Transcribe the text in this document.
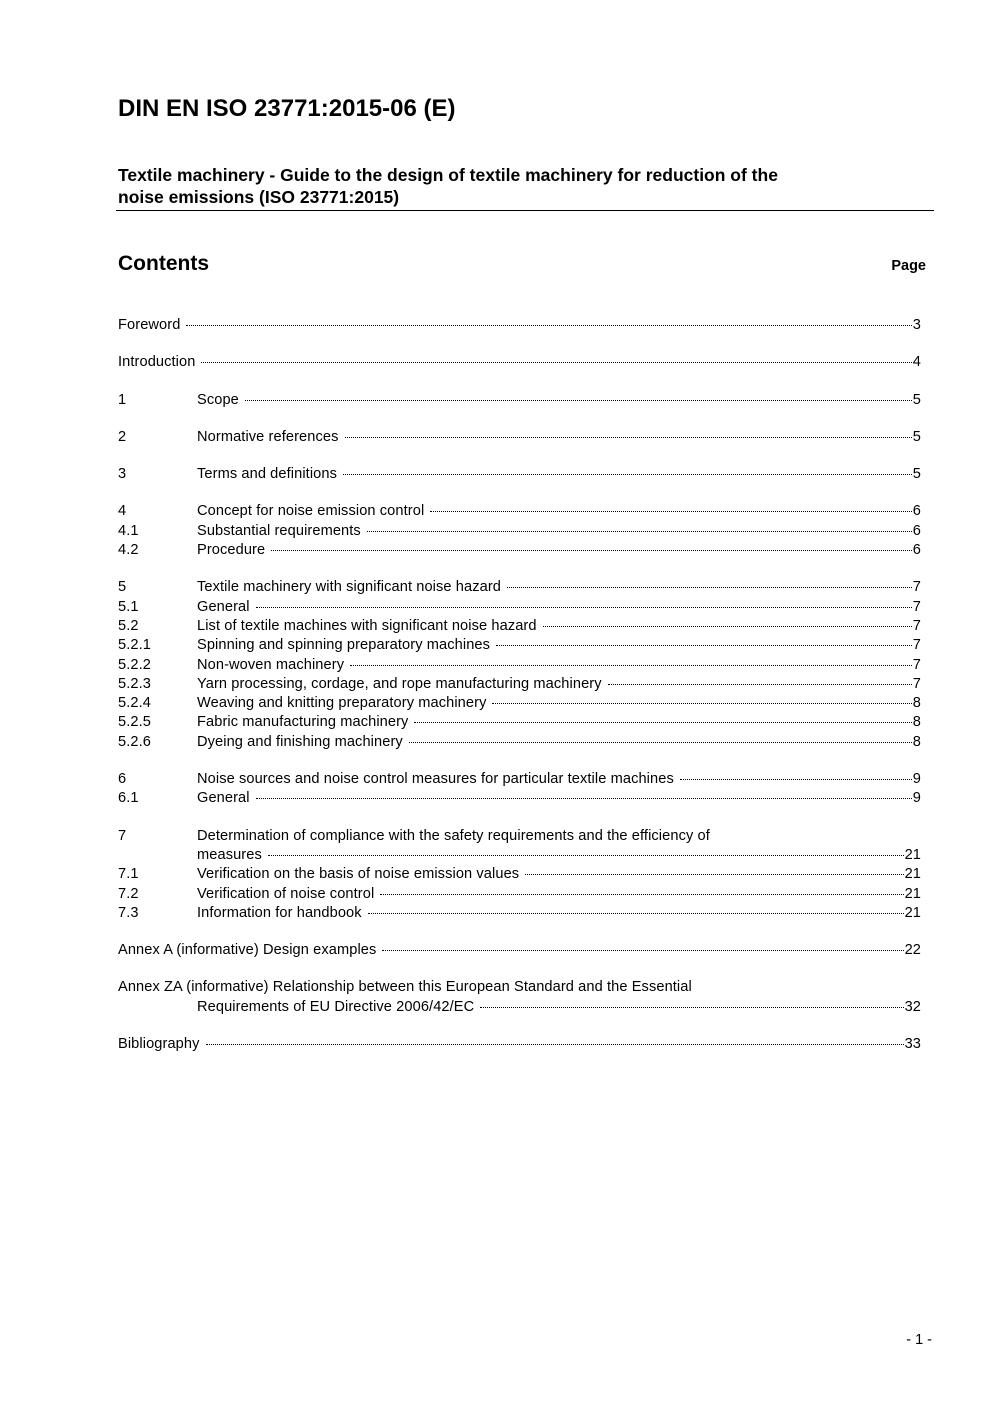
DIN EN ISO 23771:2015-06 (E)
Textile machinery - Guide to the design of textile machinery for reduction of the
noise emissions (ISO 23771:2015)
Contents	Page
Foreword	3
Introduction	4
1	Scope	5
2	Normative references	5
3	Terms and definitions	5
4	Concept for noise emission control	6
4.1	Substantial requirements	6
4.2	Procedure	6
5	Textile machinery with significant noise hazard	7
5.1	General	7
5.2	List of textile machines with significant noise hazard	7
5.2.1	Spinning and spinning preparatory machines	7
5.2.2	Non-woven machinery	7
5.2.3	Yarn processing, cordage, and rope manufacturing machinery	7
5.2.4	Weaving and knitting preparatory machinery	8
5.2.5	Fabric manufacturing machinery	8
5.2.6	Dyeing and finishing machinery	8
6	Noise sources and noise control measures for particular textile machines	9
6.1	General	9
7	Determination of compliance with the safety requirements and the efficiency of
measures	21
7.1	Verification on the basis of noise emission values	21
7.2	Verification of noise control	21
7.3	Information for handbook	21
Annex A (informative) Design examples	22
Annex ZA (informative) Relationship between this European Standard and the Essential
Requirements of EU Directive 2006/42/EC	32
Bibliography	33
- 1 -
